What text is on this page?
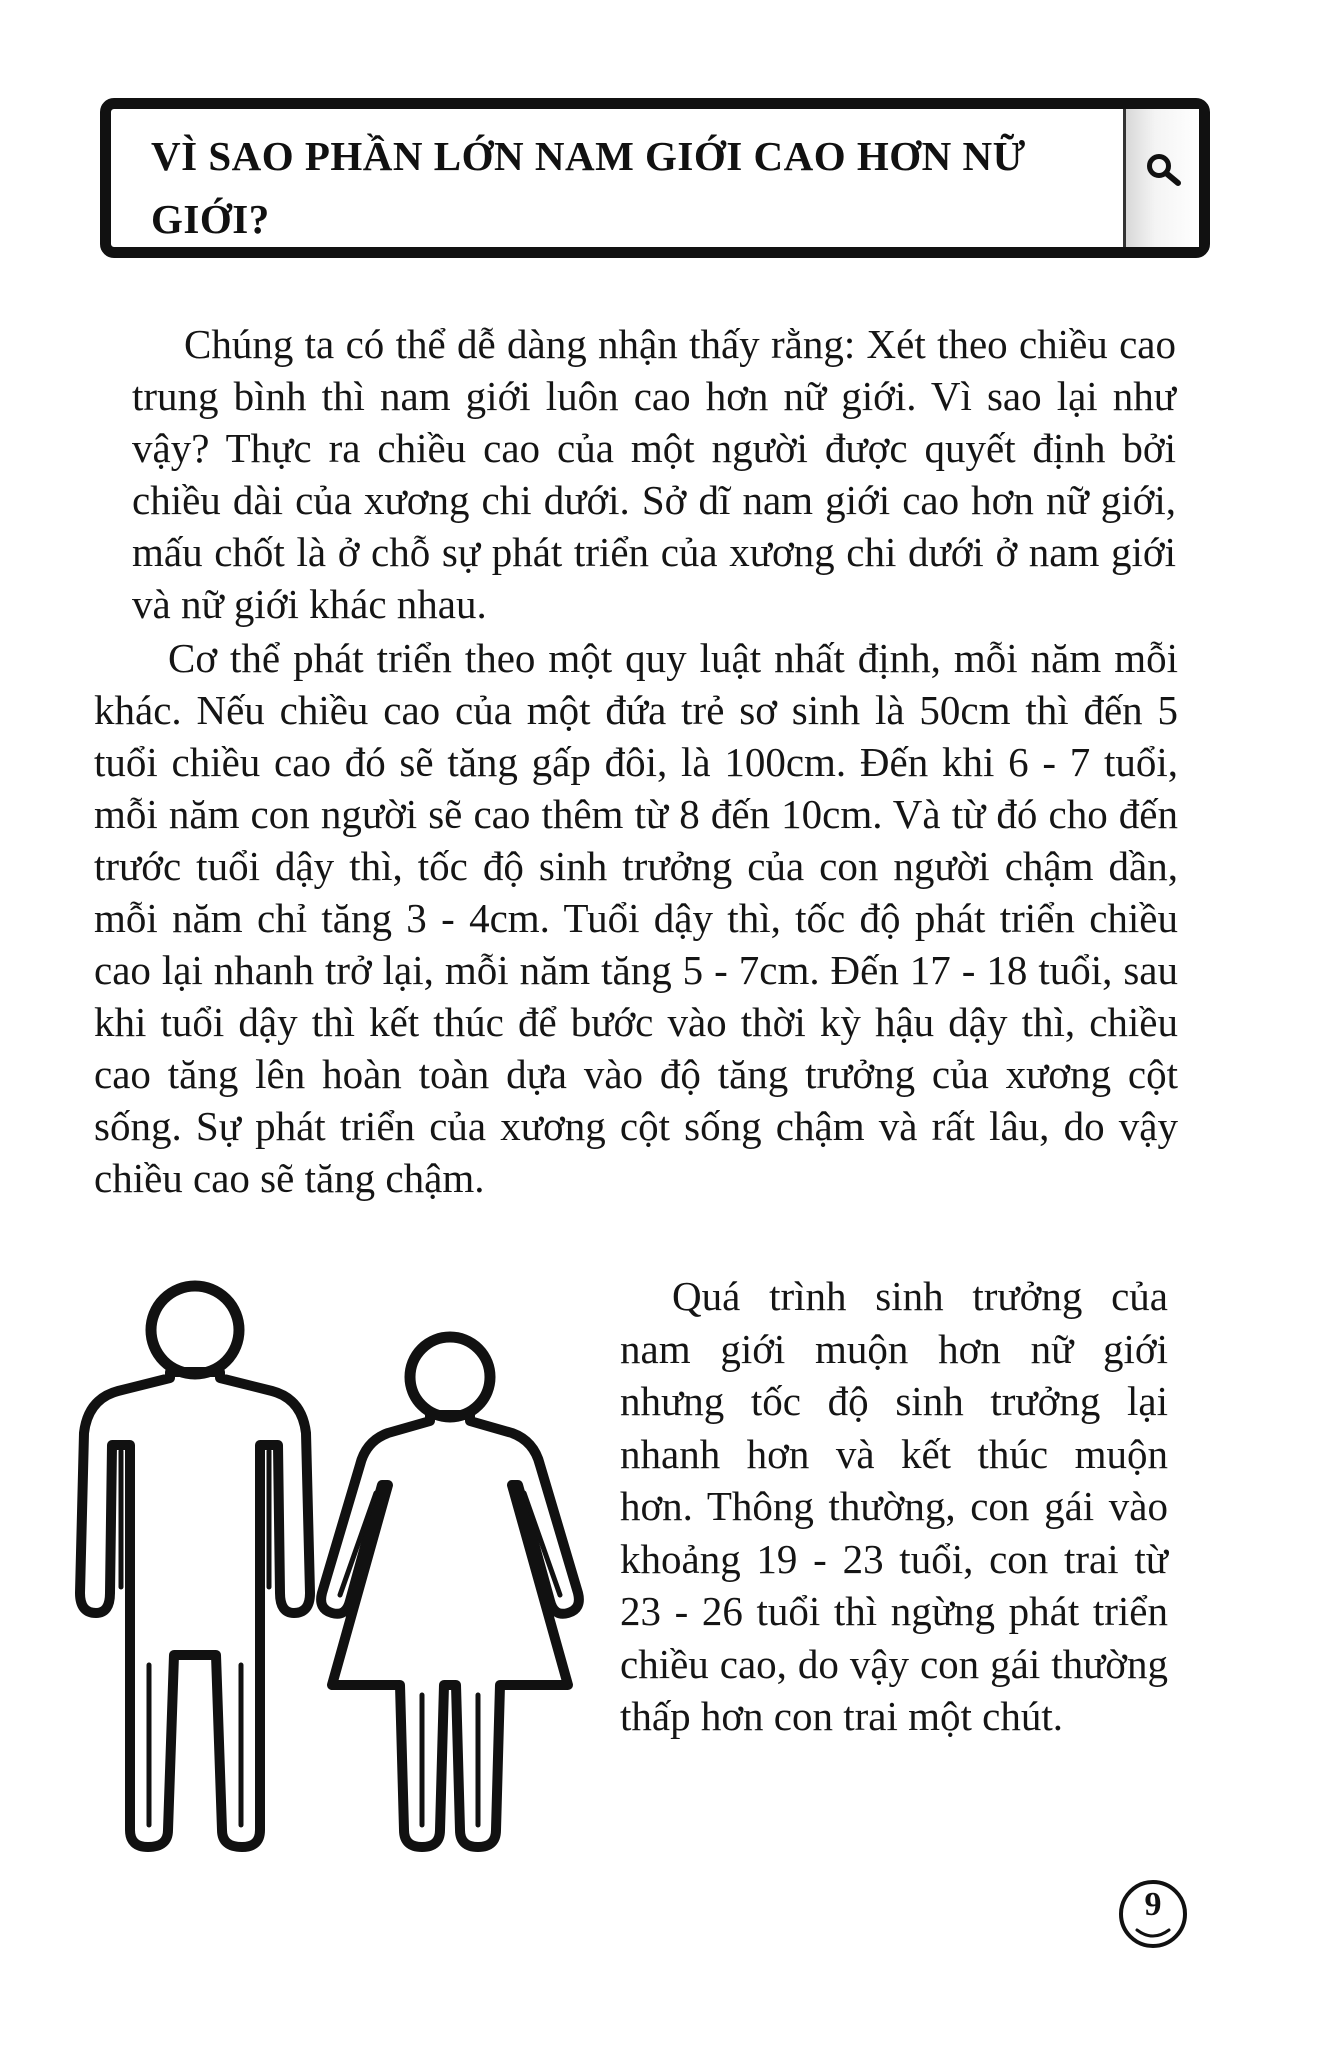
VÌ SAO PHẦN LỚN NAM GIỚI CAO HƠN NỮ GIỚI?
Chúng ta có thể dễ dàng nhận thấy rằng: Xét theo chiều cao trung bình thì nam giới luôn cao hơn nữ giới. Vì sao lại như vậy? Thực ra chiều cao của một người được quyết định bởi chiều dài của xương chi dưới. Sở dĩ nam giới cao hơn nữ giới, mấu chốt là ở chỗ sự phát triển của xương chi dưới ở nam giới và nữ giới khác nhau.
Cơ thể phát triển theo một quy luật nhất định, mỗi năm mỗi khác. Nếu chiều cao của một đứa trẻ sơ sinh là 50cm thì đến 5 tuổi chiều cao đó sẽ tăng gấp đôi, là 100cm. Đến khi 6 - 7 tuổi, mỗi năm con người sẽ cao thêm từ 8 đến 10cm. Và từ đó cho đến trước tuổi dậy thì, tốc độ sinh trưởng của con người chậm dần, mỗi năm chỉ tăng 3 - 4cm. Tuổi dậy thì, tốc độ phát triển chiều cao lại nhanh trở lại, mỗi năm tăng 5 - 7cm. Đến 17 - 18 tuổi, sau khi tuổi dậy thì kết thúc để bước vào thời kỳ hậu dậy thì, chiều cao tăng lên hoàn toàn dựa vào độ tăng trưởng của xương cột sống. Sự phát triển của xương cột sống chậm và rất lâu, do vậy chiều cao sẽ tăng chậm.
Quá trình sinh trưởng của nam giới muộn hơn nữ giới nhưng tốc độ sinh trưởng lại nhanh hơn và kết thúc muộn hơn. Thông thường, con gái vào khoảng 19 - 23 tuổi, con trai từ 23 - 26 tuổi thì ngừng phát triển chiều cao, do vậy con gái thường thấp hơn con trai một chút.
9
